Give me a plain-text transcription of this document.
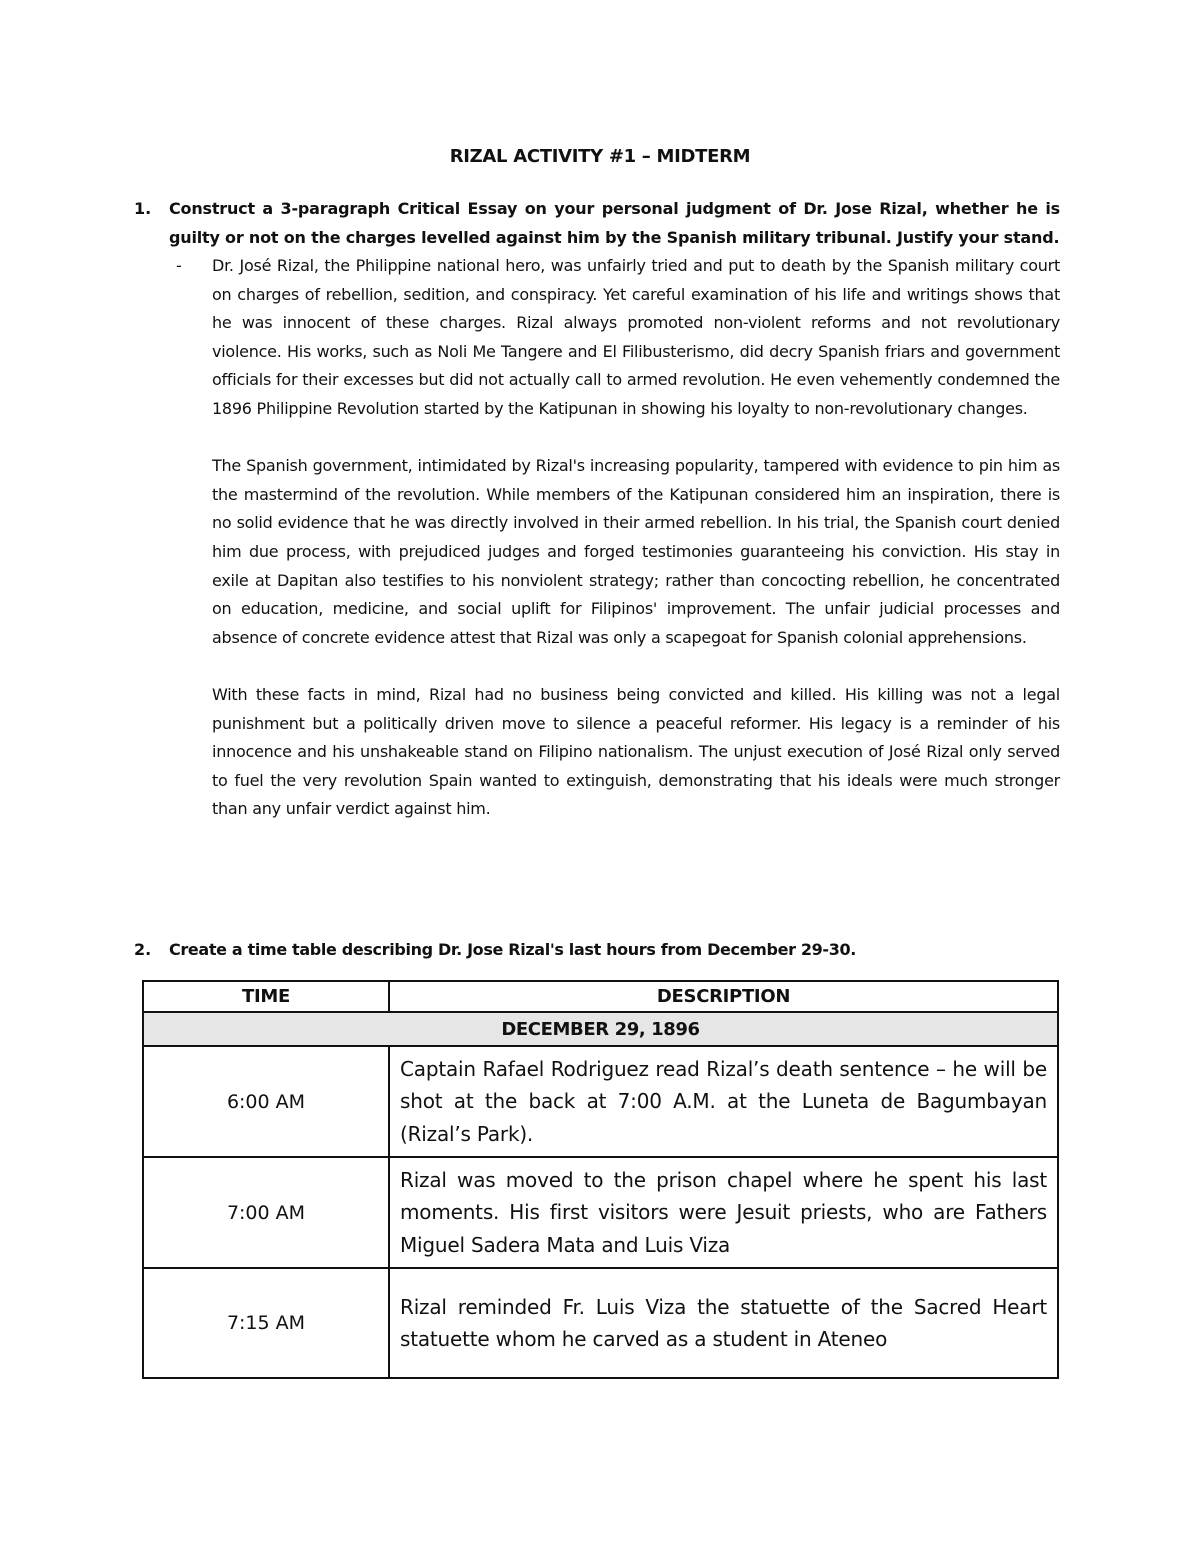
RIZAL ACTIVITY #1 – MIDTERM
1. Construct a 3-paragraph Critical Essay on your personal judgment of Dr. Jose Rizal, whether he is guilty or not on the charges levelled against him by the Spanish military tribunal. Justify your stand.
- Dr. José Rizal, the Philippine national hero, was unfairly tried and put to death by the Spanish military court on charges of rebellion, sedition, and conspiracy. Yet careful examination of his life and writings shows that he was innocent of these charges. Rizal always promoted non-violent reforms and not revolutionary violence. His works, such as Noli Me Tangere and El Filibusterismo, did decry Spanish friars and government officials for their excesses but did not actually call to armed revolution. He even vehemently condemned the 1896 Philippine Revolution started by the Katipunan in showing his loyalty to non-revolutionary changes.

The Spanish government, intimidated by Rizal's increasing popularity, tampered with evidence to pin him as the mastermind of the revolution. While members of the Katipunan considered him an inspiration, there is no solid evidence that he was directly involved in their armed rebellion. In his trial, the Spanish court denied him due process, with prejudiced judges and forged testimonies guaranteeing his conviction. His stay in exile at Dapitan also testifies to his nonviolent strategy; rather than concocting rebellion, he concentrated on education, medicine, and social uplift for Filipinos' improvement. The unfair judicial processes and absence of concrete evidence attest that Rizal was only a scapegoat for Spanish colonial apprehensions.

With these facts in mind, Rizal had no business being convicted and killed. His killing was not a legal punishment but a politically driven move to silence a peaceful reformer. His legacy is a reminder of his innocence and his unshakeable stand on Filipino nationalism. The unjust execution of José Rizal only served to fuel the very revolution Spain wanted to extinguish, demonstrating that his ideals were much stronger than any unfair verdict against him.

2. Create a time table describing Dr. Jose Rizal's last hours from December 29-30.
TIME	DESCRIPTION
DECEMBER 29, 1896	
6:00 AM	Captain Rafael Rodriguez read Rizal’s death sentence – he will be shot at the back at 7:00 A.M. at the Luneta de Bagumbayan (Rizal’s Park).
7:00 AM	Rizal was moved to the prison chapel where he spent his last moments. His first visitors were Jesuit priests, who are Fathers Miguel Sadera Mata and Luis Viza
7:15 AM	Rizal reminded Fr. Luis Viza the statuette of the Sacred Heart statuette whom he carved as a student in Ateneo
